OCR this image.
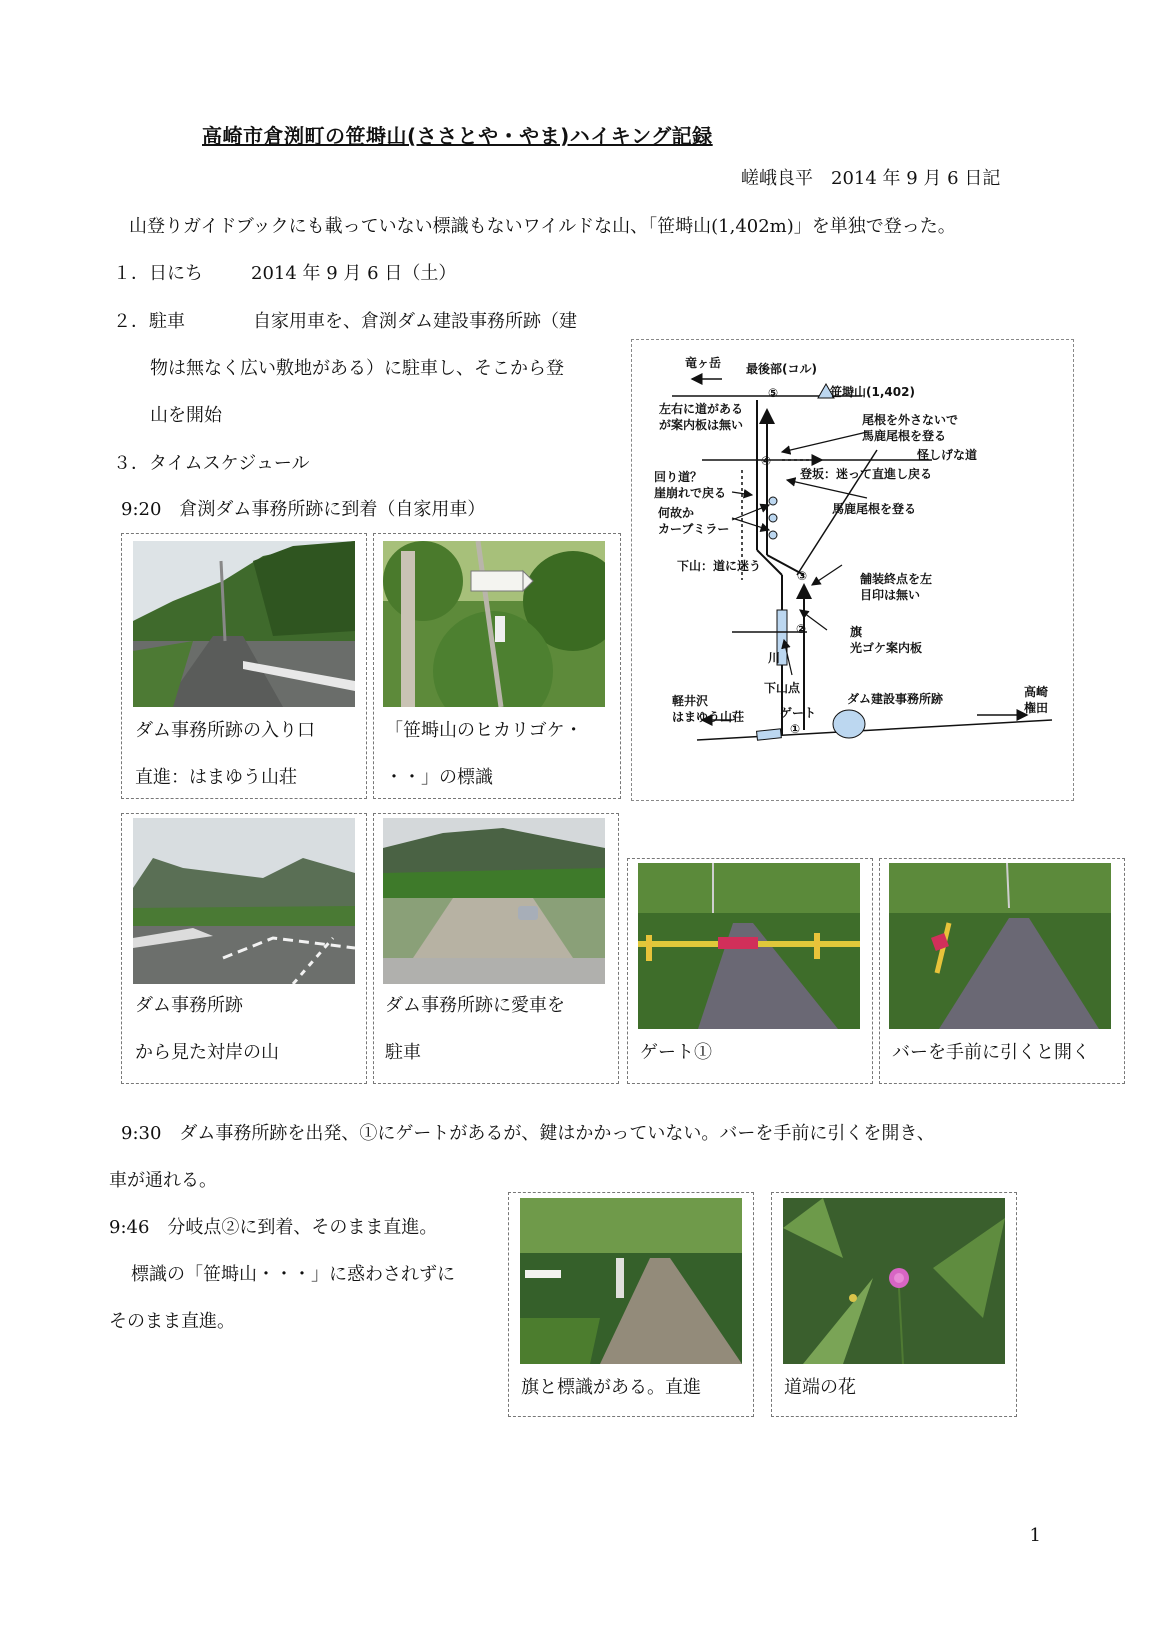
高崎市倉渕町の笹塒山(ささとや・やま)ハイキング記録
嵯峨良平　2014 年 9 月 6 日記
山登りガイドブックにも載っていない標識もないワイルドな山、「笹塒山(1,402m)」を単独で登った。
１．日にち	2014 年 9 月 6 日（土）
２．駐車	自家用車を、倉渕ダム建設事務所跡（建
物は無なく広い敷地がある）に駐車し、そこから登
山を開始
３．タイムスケジュール
9:20　倉渕ダム事務所跡に到着（自家用車）
ダム事務所跡の入り口
直進：はまゆう山荘
「笹塒山のヒカリゴケ・
・・」の標識
⑤
④
③
②
①
竜ヶ岳 最後部(コル)
笹塒山(1,402)
左右に道がある
が案内板は無い	尾根を外さないで
馬鹿尾根を登る
怪しげな道
登坂：迷って直進し戻る
回り道？
崖崩れで戻る
馬鹿尾根を登る
何故か
カーブミラー
下山：道に迷う
舗装終点を左
目印は無い
旗
光ゴケ案内板
川
下山点
軽井沢
はまゆう山荘	ゲート
ダム建設事務所跡	高崎
権田
ダム事務所跡
から見た対岸の山
ダム事務所跡に愛車を
駐車	ゲート①	バーを手前に引くと開く
9:30　ダム事務所跡を出発、①にゲートがあるが、鍵はかかっていない。バーを手前に引くを開き、
車が通れる。
9:46　分岐点②に到着、そのまま直進。
標識の「笹塒山・・・」に惑わされずに
そのまま直進。
旗と標識がある。直進	道端の花
1
